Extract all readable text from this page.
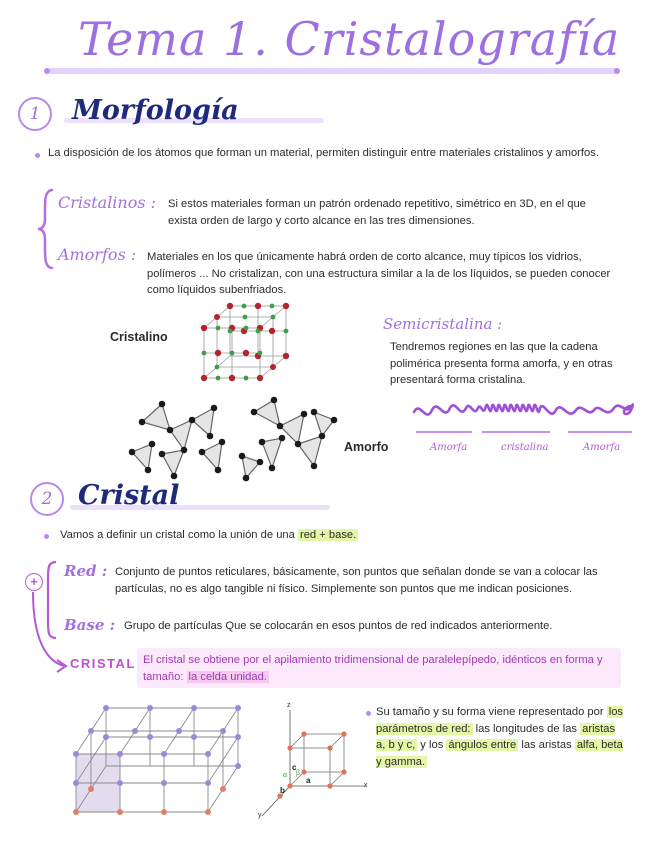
Tema 1. Cristalografía
1	Morfología
La disposición de los átomos que forman un material, permiten distinguir entre materiales cristalinos y amorfos.
Cristalinos : Si estos materiales forman un patrón ordenado repetitivo, simétrico en 3D, en el que exista orden de largo y corto alcance en las tres dimensiones.
Amorfos : Materiales en los que únicamente habrá orden de corto alcance, muy típicos los vidrios, polímeros ... No cristalizan, con una estructura similar a la de los líquidos, se pueden conocer como líquidos subenfriados.
Cristalino
Amorfo
Semicristalina :
Tendremos regiones en las que la cadena polimérica presenta forma amorfa, y en otras presentará forma cristalina.
Amorfa	cristalina	Amorfa
2 Cristal
Vamos a definir un cristal como la unión de una red + base.
+
Red : Conjunto de puntos reticulares, básicamente, son puntos que señalan donde se van a colocar las partículas, no es algo tangible ni físico. Simplemente son puntos que me indican posiciones.
Base : Grupo de partículas Que se colocarán en esos puntos de red indicados anteriormente.
CRISTAL El cristal se obtiene por el apilamiento tridimensional de paralelepípedo, idénticos en forma y tamaño: la celda unidad.
z
x
y
c
a
b
α β
Su tamaño y su forma viene representado por los parámetros de red: las longitudes de las aristas a, b y c, y los ángulos entre las aristas alfa, beta y gamma.
